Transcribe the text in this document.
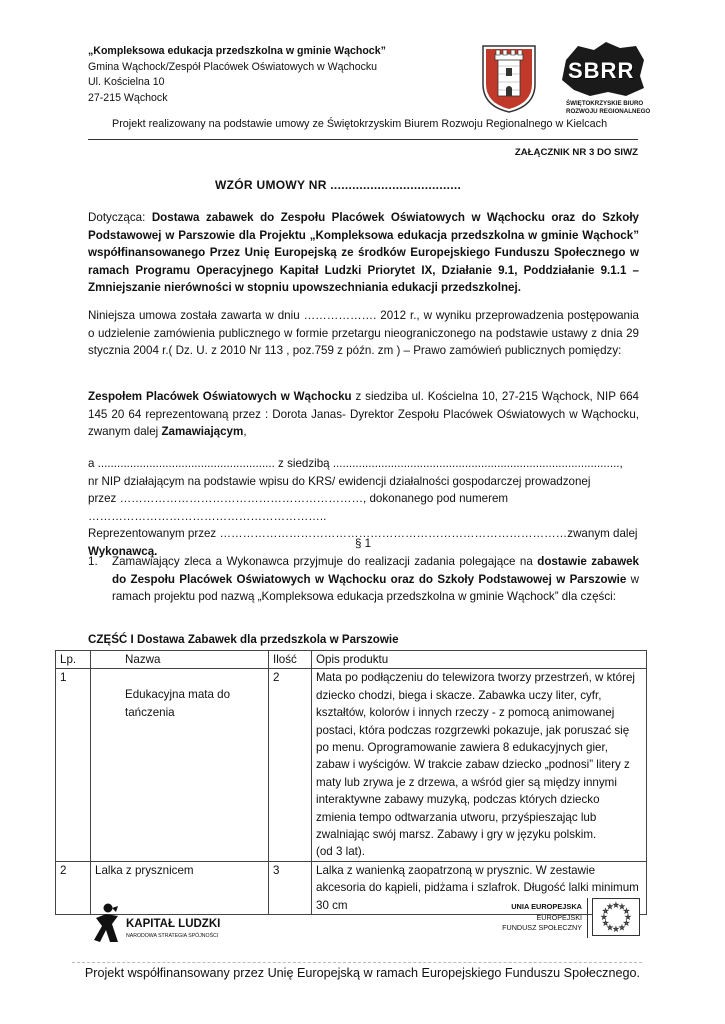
„Kompleksowa edukacja przedszkolna w gminie Wąchock”
Gmina Wąchock/Zespół Placówek Oświatowych w Wąchocku
Ul. Kościelna 10
27-215 Wąchock
SBRR
ŚWIĘTOKRZYSKIE BIURO
ROZWOJU REGIONALNEGO
Projekt realizowany na podstawie umowy ze Świętokrzyskim Biurem Rozwoju Regionalnego w Kielcach
ZAŁĄCZNIK NR 3 DO SIWZ
WZÓR UMOWY NR ....................................
Dotycząca: Dostawa zabawek do Zespołu Placówek Oświatowych w Wąchocku oraz do Szkoły Podstawowej w Parszowie dla Projektu „Kompleksowa edukacja przedszkolna w gminie Wąchock” współfinansowanego Przez Unię Europejską ze środków Europejskiego Funduszu Społecznego w ramach Programu Operacyjnego Kapitał Ludzki Priorytet IX, Działanie 9.1, Poddziałanie 9.1.1 – Zmniejszanie nierówności w stopniu upowszechniania edukacji przedszkolnej.
Niniejsza umowa została zawarta w dniu ………………. 2012 r., w wyniku przeprowadzenia postępowania o udzielenie zamówienia publicznego w formie przetargu nieograniczonego na podstawie ustawy z dnia 29 stycznia 2004 r.( Dz. U. z 2010 Nr 113 , poz.759 z późn. zm ) – Prawo zamówień publicznych pomiędzy:
Zespołem Placówek Oświatowych w Wąchocku z siedziba ul. Kościelna 10, 27-215 Wąchock, NIP 664 145 20 64 reprezentowaną przez : Dorota Janas- Dyrektor Zespołu Placówek Oświatowych w Wąchocku, zwanym dalej Zamawiającym,
a ....................................................... z siedzibą .........................................................................................,
nr NIP działającym na podstawie wpisu do KRS/ ewidencji działalności gospodarczej prowadzonej
przez ………………………………………………………, dokonanego pod numerem ……………………………………………………..
Reprezentowanym przez ………………………………………………………………………………zwanym dalej Wykonawcą.
§ 1
1. Zamawiający zleca a Wykonawca przyjmuje do realizacji zadania polegające na dostawie zabawek do Zespołu Placówek Oświatowych w Wąchocku oraz do Szkoły Podstawowej w Parszowie w ramach projektu pod nazwą „Kompleksowa edukacja przedszkolna w gminie Wąchock” dla części:
CZĘŚĆ I Dostawa Zabawek dla przedszkola w Parszowie
Lp.	Nazwa	Ilość	Opis produktu
1	Edukacyjna mata do tańczenia	2	Mata po podłączeniu do telewizora tworzy przestrzeń, w której dziecko chodzi, biega i skacze. Zabawka uczy liter, cyfr, kształtów, kolorów i innych rzeczy - z pomocą animowanej postaci, która podczas rozgrzewki pokazuje, jak poruszać się po menu. Oprogramowanie zawiera 8 edukacyjnych gier, zabaw i wyścigów. W trakcie zabaw dziecko „podnosi” litery z maty lub zrywa je z drzewa, a wśród gier są między innymi interaktywne zabawy muzyką, podczas których dziecko zmienia tempo odtwarzania utworu, przyśpieszając lub zwalniając swój marsz. Zabawy i gry w języku polskim.
(od 3 lat).

2	Lalka z prysznicem	3	Lalka z wanienką zaopatrzoną w prysznic. W zestawie akcesoria do kąpieli, pidżama i szlafrok. Długość lalki minimum 30 cm
KAPITAŁ LUDZKI
NARODOWA STRATEGIA SPÓJNOŚCI
UNIA EUROPEJSKA
EUROPEJSKI
FUNDUSZ SPOŁECZNY
☆
☆
☆
☆
☆
☆
☆
☆
☆ ☆ ☆
☆
Projekt współfinansowany przez Unię Europejską w ramach Europejskiego Funduszu Społecznego.
